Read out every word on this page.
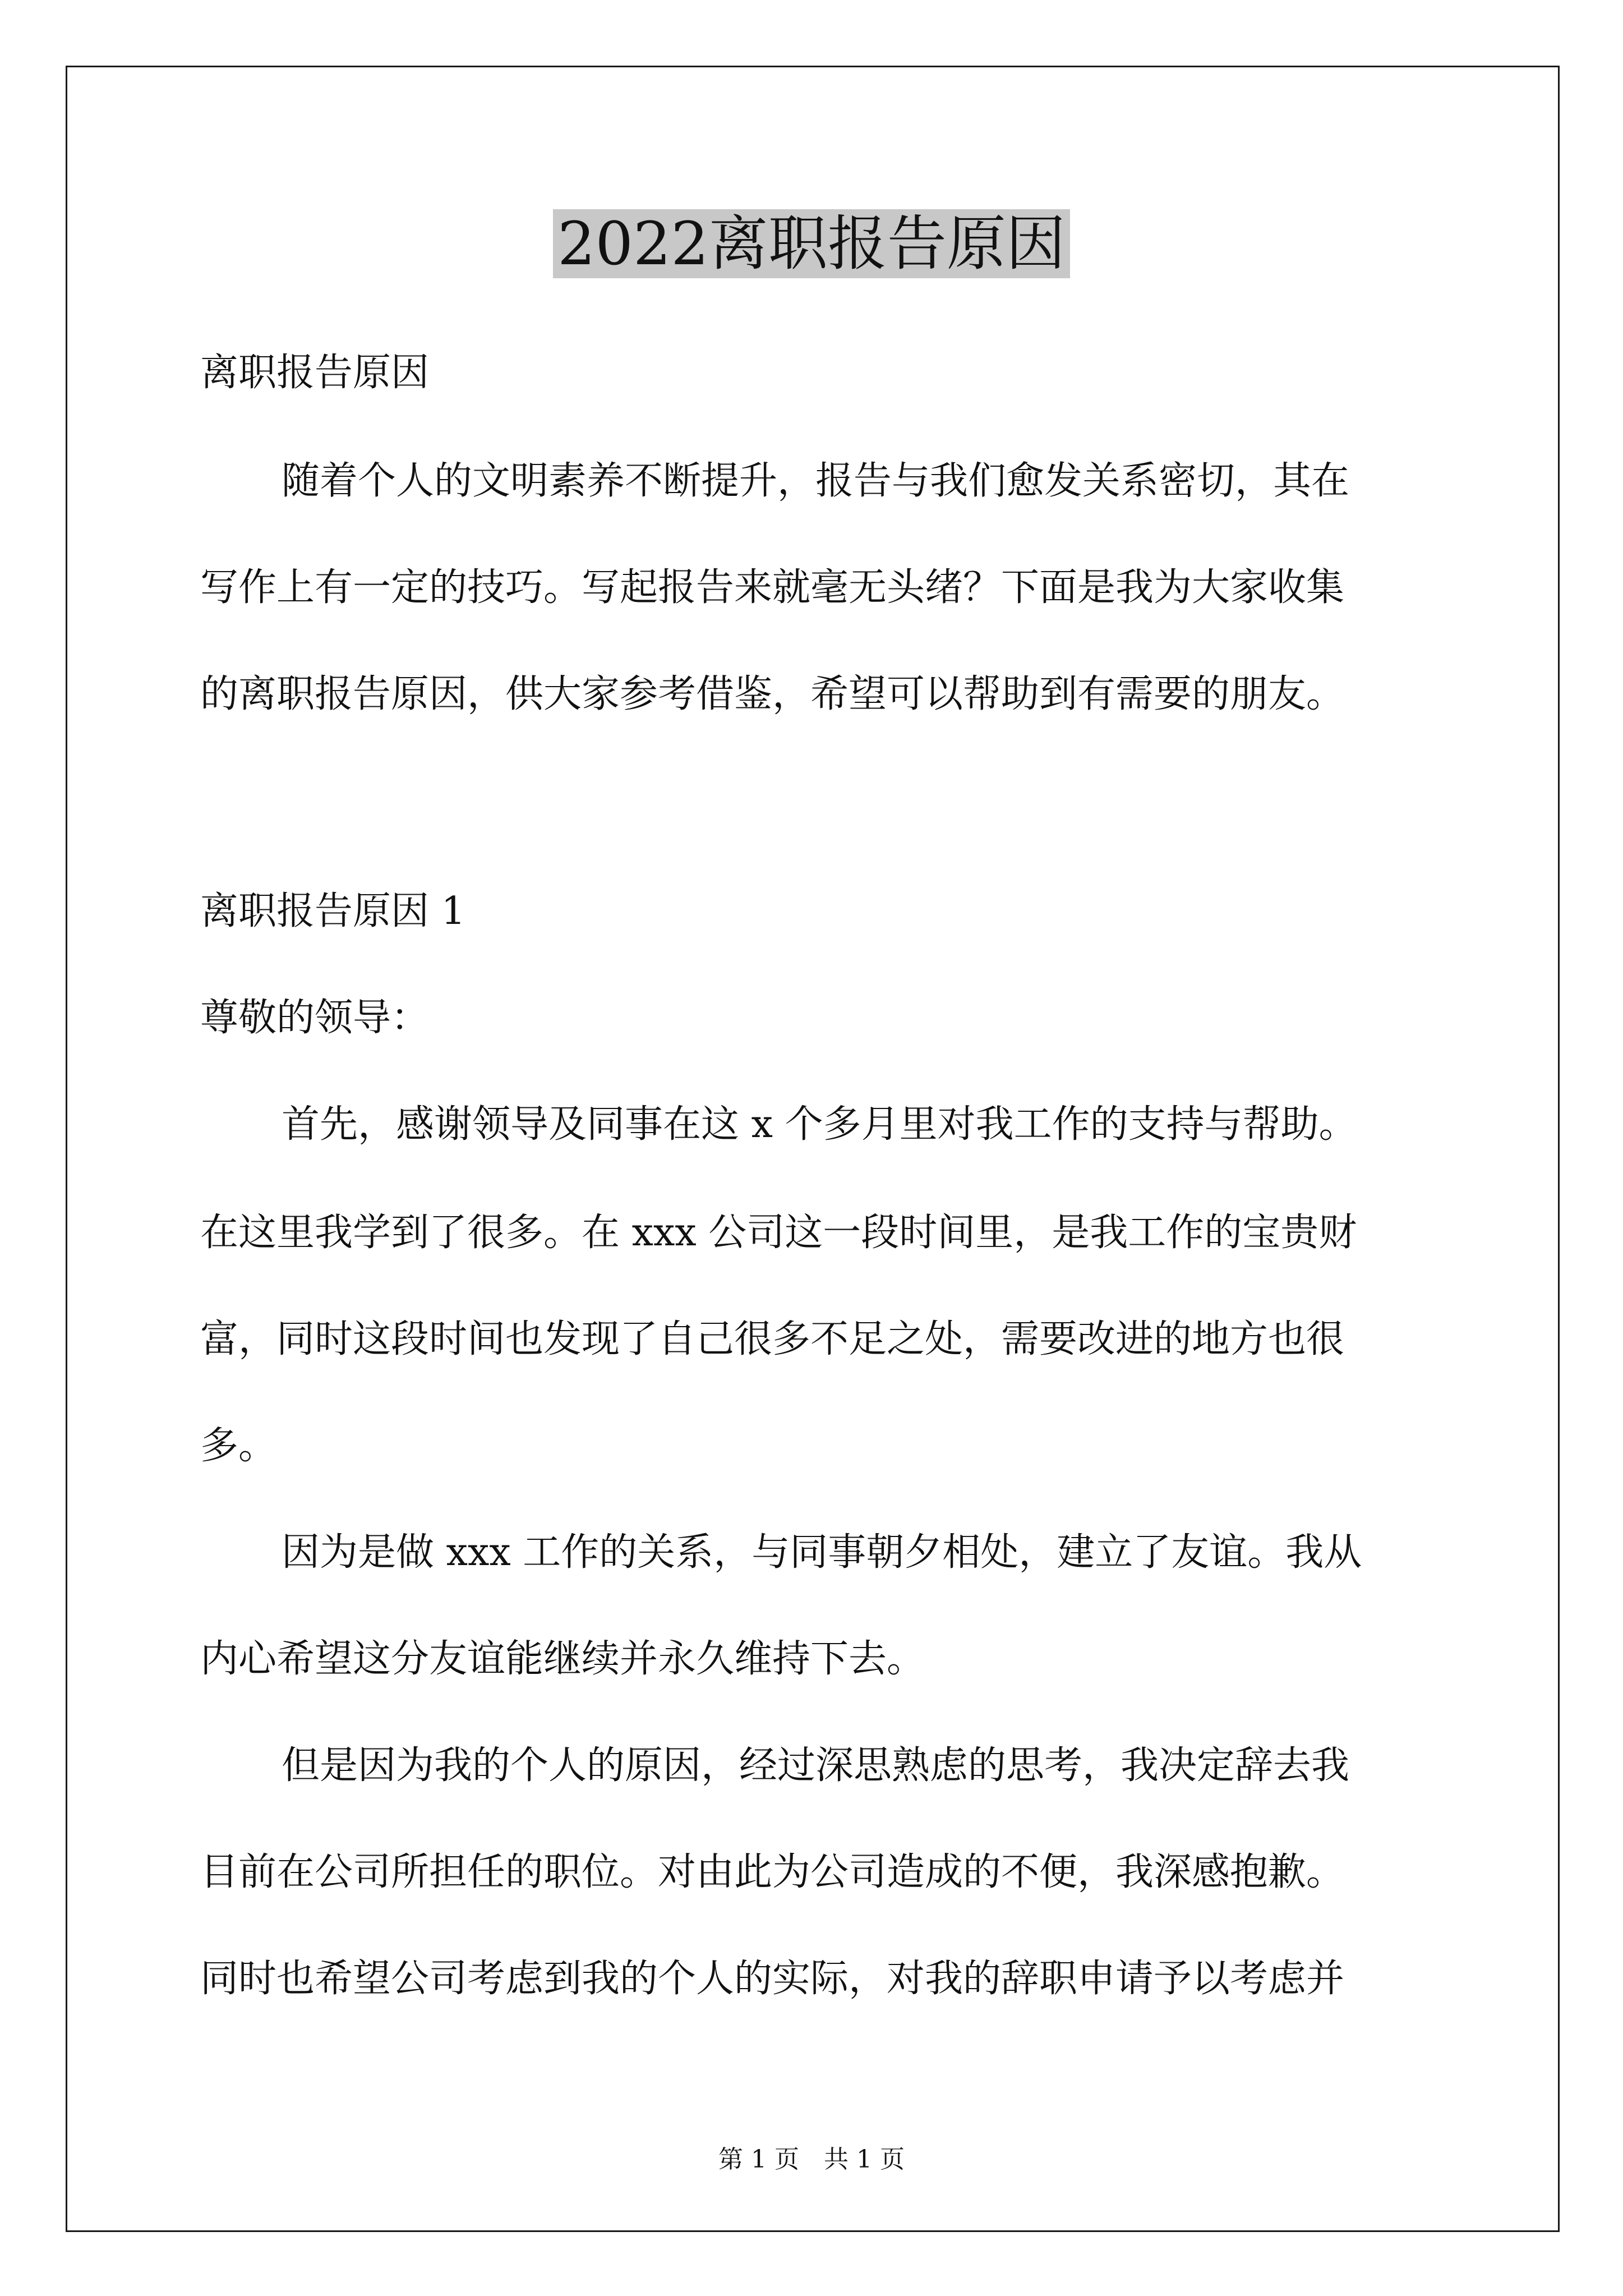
2022离职报告原因
离职报告原因
随着个人的文明素养不断提升，报告与我们愈发关系密切，其在
写作上有一定的技巧。写起报告来就毫无头绪？下面是我为大家收集
的离职报告原因，供大家参考借鉴，希望可以帮助到有需要的朋友。
离职报告原因 1
尊敬的领导：
首先，感谢领导及同事在这 x 个多月里对我工作的支持与帮助。
在这里我学到了很多。在 xxx 公司这一段时间里，是我工作的宝贵财
富，同时这段时间也发现了自己很多不足之处，需要改进的地方也很
多。
因为是做 xxx 工作的关系，与同事朝夕相处，建立了友谊。我从
内心希望这分友谊能继续并永久维持下去。
但是因为我的个人的原因，经过深思熟虑的思考，我决定辞去我
目前在公司所担任的职位。对由此为公司造成的不便，我深感抱歉。
同时也希望公司考虑到我的个人的实际，对我的辞职申请予以考虑并
第 1 页　共 1 页
